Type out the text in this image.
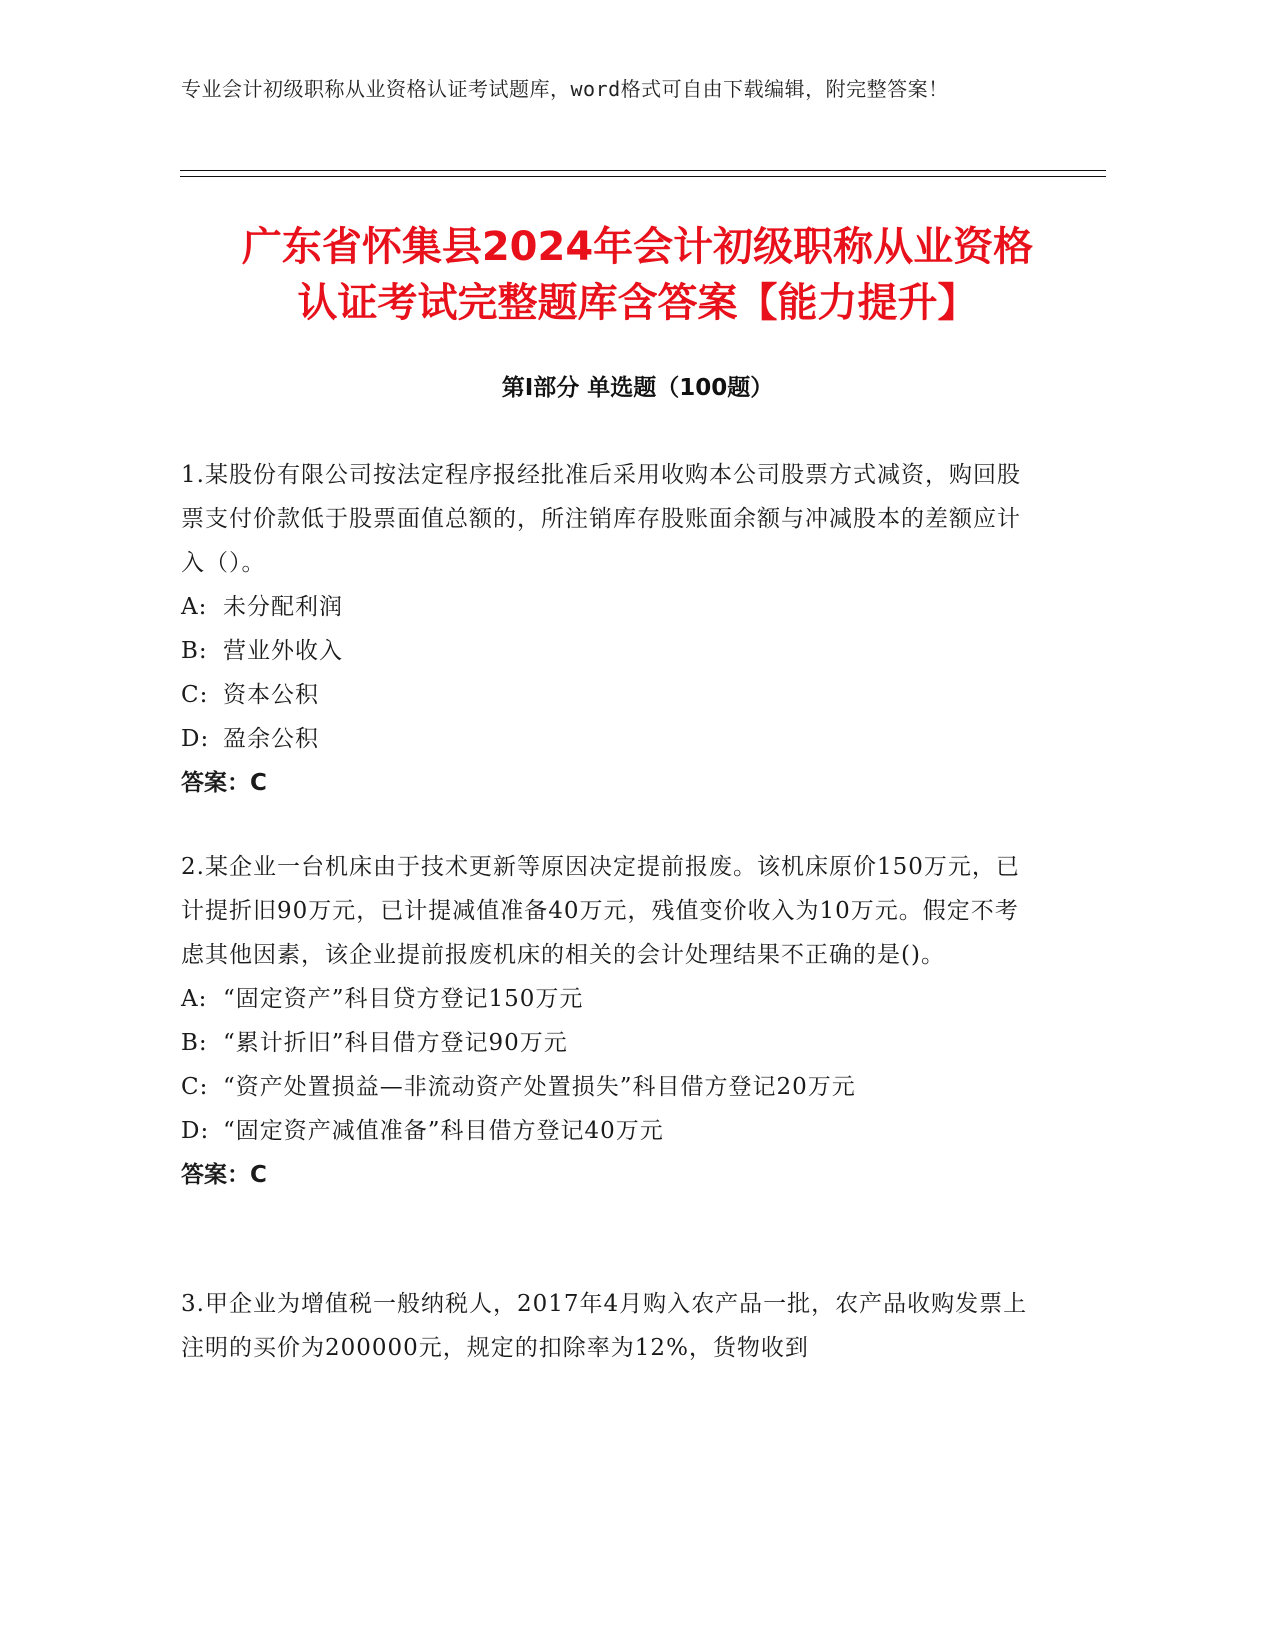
专业会计初级职称从业资格认证考试题库，word格式可自由下载编辑，附完整答案！
广东省怀集县2024年会计初级职称从业资格
认证考试完整题库含答案【能力提升】
第I部分 单选题（100题）

1.某股份有限公司按法定程序报经批准后采用收购本公司股票方式减资，购回股票支付价款低于股票面值总额的，所注销库存股账面余额与冲减股本的差额应计入（）。

A: 未分配利润

B: 营业外收入

C: 资本公积

D: 盈余公积

答案：C

2.某企业一台机床由于技术更新等原因决定提前报废。该机床原价150万元，已计提折旧90万元，已计提减值准备40万元，残值变价收入为10万元。假定不考虑其他因素，该企业提前报废机床的相关的会计处理结果不正确的是()。

A: “固定资产”科目贷方登记150万元

B: “累计折旧”科目借方登记90万元

C: “资产处置损益—非流动资产处置损失”科目借方登记20万元

D: “固定资产减值准备”科目借方登记40万元

答案：C

3.甲企业为增值税一般纳税人，2017年4月购入农产品一批，农产品收购发票上注明的买价为200000元，规定的扣除率为12%，货物收到
